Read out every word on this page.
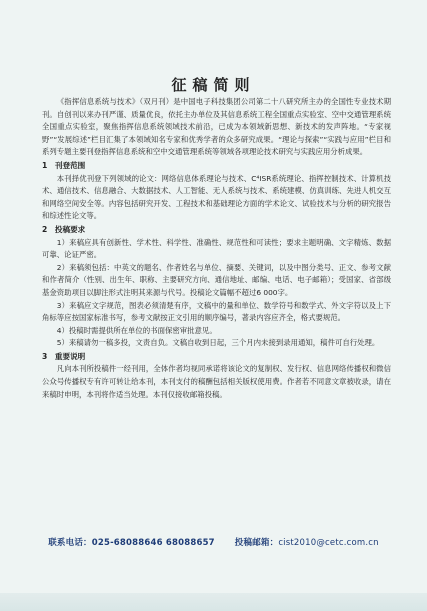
征稿简则

《指挥信息系统与技术》（双月刊）是中国电子科技集团公司第二十八研究所主办的全国性专业技术期刊。自创刊以来办刊严谨、质量优良，依托主办单位及其信息系统工程全国重点实验室、空中交通管理系统全国重点实验室，聚焦指挥信息系统领域技术前沿，已成为本领域新思想、新技术的发声阵地。“专家视野”“发展综述”栏目汇集了本领域知名专家和优秀学者的众多研究成果。“理论与探索”“实践与应用”栏目和系列专题主要刊登指挥信息系统和空中交通管理系统等领域各项理论技术研究与实践应用分析成果。

1　刊登范围

本刊择优刊登下列领域的论文：网络信息体系理论与技术、C⁴ISR系统理论、指挥控制技术、计算机技术、通信技术、信息融合、大数据技术、人工智能、无人系统与技术、系统建模、仿真训练、先进人机交互和网络空间安全等。内容包括研究开发、工程技术和基础理论方面的学术论文、试验技术与分析的研究报告和综述性论文等。

2　投稿要求

1）来稿应具有创新性、学术性、科学性、准确性、规范性和可读性；要求主题明确、文字精炼、数据可靠、论证严密。

2）来稿须包括：中英文的题名、作者姓名与单位、摘要、关键词，以及中图分类号、正文、参考文献和作者简介（性别、出生年、职称、主要研究方向、通信地址、邮编、电话、电子邮箱）；受国家、省部级基金资助项目以脚注形式注明其来源与代号。投稿论文篇幅不超过6 000字。

3）来稿应文字规范，图表必须清楚有序，文稿中的量和单位、数学符号和数学式、外文字符以及上下角标等应按国家标准书写，参考文献按正文引用的顺序编号，著录内容应齐全，格式要规范。

4）投稿时需提供所在单位的书面保密审批意见。

5）来稿请勿一稿多投，文责自负。文稿自收到日起，三个月内未接到录用通知，稿件可自行处理。

3　重要说明

凡向本刊所投稿件一经刊用，全体作者均视同承诺将该论文的复制权、发行权、信息网络传播权和微信公众号传播权专有许可转让给本刊，本刊支付的稿酬包括相关版权使用费。作者若不同意文章被收录，请在来稿时申明，本刊将作适当处理。本刊仅接收邮箱投稿。

联系电话：025-68088646 68088657 投稿邮箱：cist2010@cetc.com.cn
